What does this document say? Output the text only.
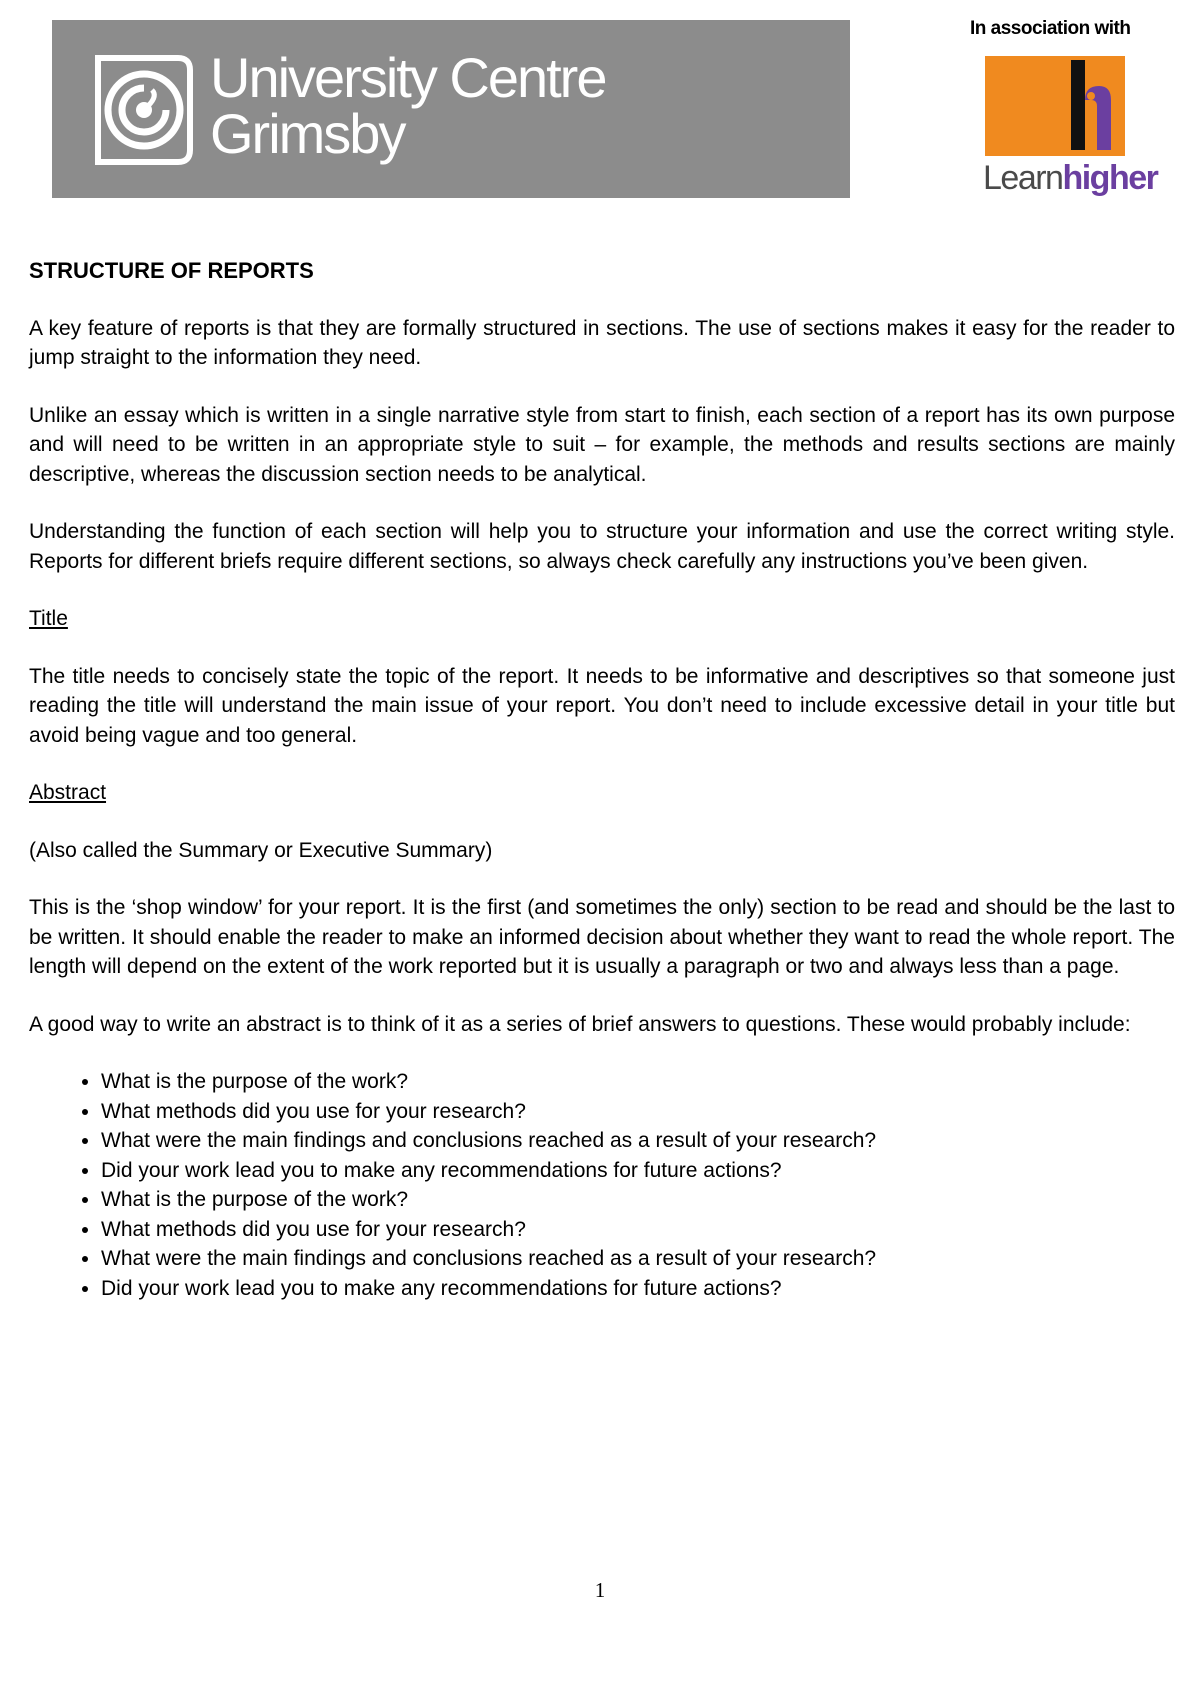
University Centre
Grimsby
In association with
Learnhigher

STRUCTURE OF REPORTS

A key feature of reports is that they are formally structured in sections. The use of sections makes it easy for the reader to jump straight to the information they need.

Unlike an essay which is written in a single narrative style from start to finish, each section of a report has its own purpose and will need to be written in an appropriate style to suit – for example, the methods and results sections are mainly descriptive, whereas the discussion section needs to be analytical.

Understanding the function of each section will help you to structure your information and use the correct writing style. Reports for different briefs require different sections, so always check carefully any instructions you’ve been given.

Title

The title needs to concisely state the topic of the report. It needs to be informative and descriptives so that someone just reading the title will understand the main issue of your report. You don’t need to include excessive detail in your title but avoid being vague and too general.

Abstract

(Also called the Summary or Executive Summary)

This is the ‘shop window’ for your report. It is the first (and sometimes the only) section to be read and should be the last to be written. It should enable the reader to make an informed decision about whether they want to read the whole report. The length will depend on the extent of the work reported but it is usually a paragraph or two and always less than a page.

A good way to write an abstract is to think of it as a series of brief answers to questions. These would probably include:

• What is the purpose of the work?
• What methods did you use for your research?
• What were the main findings and conclusions reached as a result of your research?
• Did your work lead you to make any recommendations for future actions?
• What is the purpose of the work?
• What methods did you use for your research?
• What were the main findings and conclusions reached as a result of your research?
• Did your work lead you to make any recommendations for future actions?
1
